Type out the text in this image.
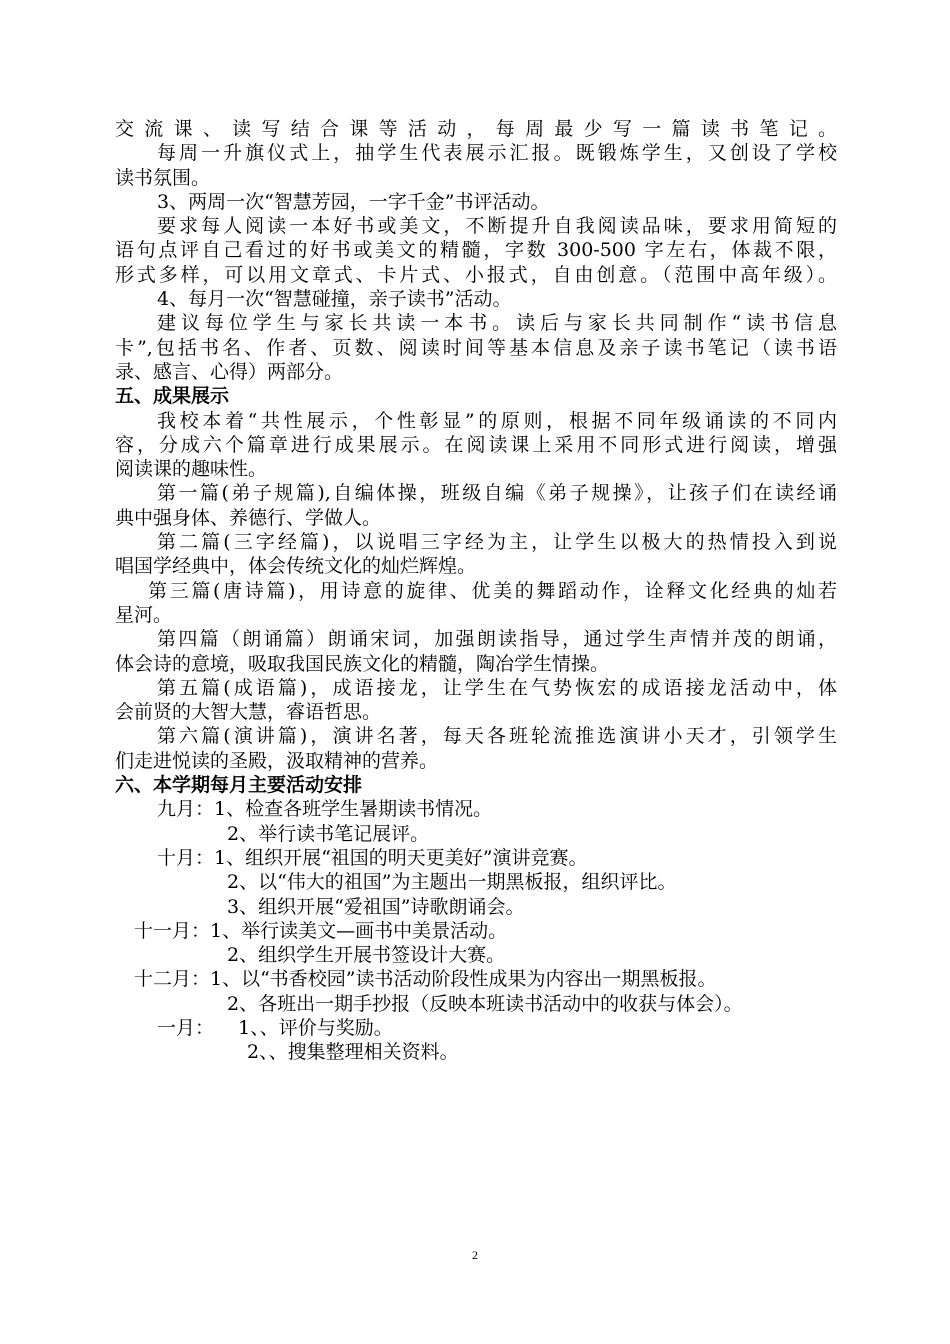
交流课、读写结合课等活动，每周最少写一篇读书笔记。
每周一升旗仪式上，抽学生代表展示汇报。既锻炼学生，又创设了学校
读书氛围。
3、两周一次“智慧芳园，一字千金”书评活动。
要求每人阅读一本好书或美文，不断提升自我阅读品味，要求用简短的
语句点评自己看过的好书或美文的精髓，字数 300-500 字左右，体裁不限，
形式多样，可以用文章式、卡片式、小报式，自由创意。（范围中高年级）。
4、每月一次“智慧碰撞，亲子读书”活动。
建议每位学生与家长共读一本书。读后与家长共同制作“读书信息
卡”,包括书名、作者、页数、阅读时间等基本信息及亲子读书笔记（读书语
录、感言、心得）两部分。
五、成果展示
我校本着“共性展示，个性彰显”的原则，根据不同年级诵读的不同内
容，分成六个篇章进行成果展示。在阅读课上采用不同形式进行阅读，增强
阅读课的趣味性。
第一篇(弟子规篇),自编体操，班级自编《弟子规操》，让孩子们在读经诵
典中强身体、养德行、学做人。
第二篇(三字经篇)，以说唱三字经为主，让学生以极大的热情投入到说
唱国学经典中，体会传统文化的灿烂辉煌。
第三篇(唐诗篇)，用诗意的旋律、优美的舞蹈动作，诠释文化经典的灿若
星河。
第四篇（朗诵篇）朗诵宋词，加强朗读指导，通过学生声情并茂的朗诵，
体会诗的意境，吸取我国民族文化的精髓，陶冶学生情操。
第五篇(成语篇)，成语接龙，让学生在气势恢宏的成语接龙活动中，体
会前贤的大智大慧，睿语哲思。
第六篇(演讲篇)，演讲名著，每天各班轮流推选演讲小天才，引领学生
们走进悦读的圣殿，汲取精神的营养。
六、本学期每月主要活动安排
九月：1、检查各班学生暑期读书情况。
2、举行读书笔记展评。
十月：1、组织开展“祖国的明天更美好”演讲竞赛。
2、以“伟大的祖国”为主题出一期黑板报，组织评比。
3、组织开展“爱祖国”诗歌朗诵会。
十一月：1、举行读美文—画书中美景活动。
2、组织学生开展书签设计大赛。
十二月：1、以“书香校园”读书活动阶段性成果为内容出一期黑板报。
2、各班出一期手抄报（反映本班读书活动中的收获与体会）。
一月：    1、、评价与奖励。
2、、搜集整理相关资料。
2
